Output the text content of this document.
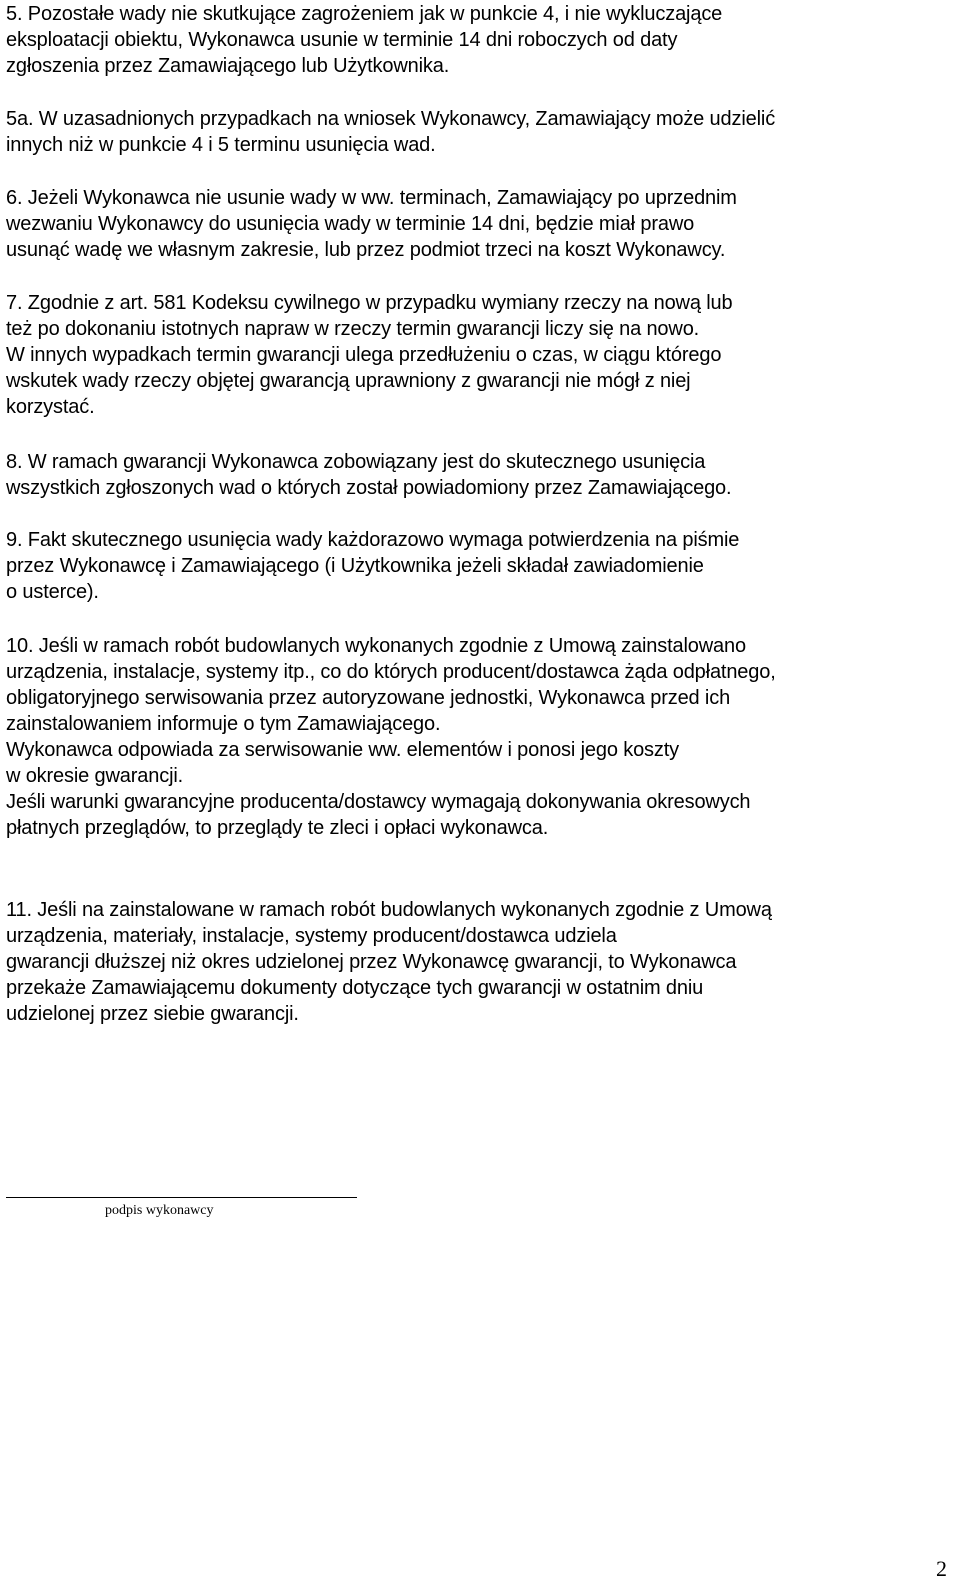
5. Pozostałe wady nie skutkujące zagrożeniem jak w punkcie 4, i nie wykluczające
eksploatacji obiektu, Wykonawca usunie w terminie 14 dni roboczych od daty
zgłoszenia przez Zamawiającego lub Użytkownika.

5a. W uzasadnionych przypadkach na wniosek Wykonawcy, Zamawiający może udzielić
innych niż w punkcie 4 i 5 terminu usunięcia wad.

6. Jeżeli Wykonawca nie usunie wady w ww. terminach, Zamawiający po uprzednim
wezwaniu Wykonawcy do usunięcia wady w terminie 14 dni, będzie miał prawo
usunąć wadę we własnym zakresie, lub przez podmiot trzeci na koszt Wykonawcy.

7. Zgodnie z art. 581 Kodeksu cywilnego w przypadku wymiany rzeczy na nową lub
też po dokonaniu istotnych napraw w rzeczy termin gwarancji liczy się na nowo.
W innych wypadkach termin gwarancji ulega przedłużeniu o czas, w ciągu którego
wskutek wady rzeczy objętej gwarancją uprawniony z gwarancji nie mógł z niej
korzystać.

8. W ramach gwarancji Wykonawca zobowiązany jest do skutecznego usunięcia
wszystkich zgłoszonych wad o których został powiadomiony przez Zamawiającego.

9. Fakt skutecznego usunięcia wady każdorazowo wymaga potwierdzenia na piśmie
przez Wykonawcę i Zamawiającego (i Użytkownika jeżeli składał zawiadomienie
o usterce).

10. Jeśli w ramach robót budowlanych wykonanych zgodnie z Umową zainstalowano
urządzenia, instalacje, systemy itp., co do których producent/dostawca żąda odpłatnego,
obligatoryjnego serwisowania przez autoryzowane jednostki, Wykonawca przed ich
zainstalowaniem informuje o tym Zamawiającego.
Wykonawca odpowiada za serwisowanie ww. elementów i ponosi jego koszty
w okresie gwarancji.
Jeśli warunki gwarancyjne producenta/dostawcy wymagają dokonywania okresowych
płatnych przeglądów, to przeglądy te zleci i opłaci wykonawca.

11. Jeśli na zainstalowane w ramach robót budowlanych wykonanych zgodnie z Umową
urządzenia, materiały, instalacje, systemy producent/dostawca udziela
gwarancji dłuższej niż okres udzielonej przez Wykonawcę gwarancji, to Wykonawca
przekaże Zamawiającemu dokumenty dotyczące tych gwarancji w ostatnim dniu
udzielonej przez siebie gwarancji.

podpis wykonawcy
2
